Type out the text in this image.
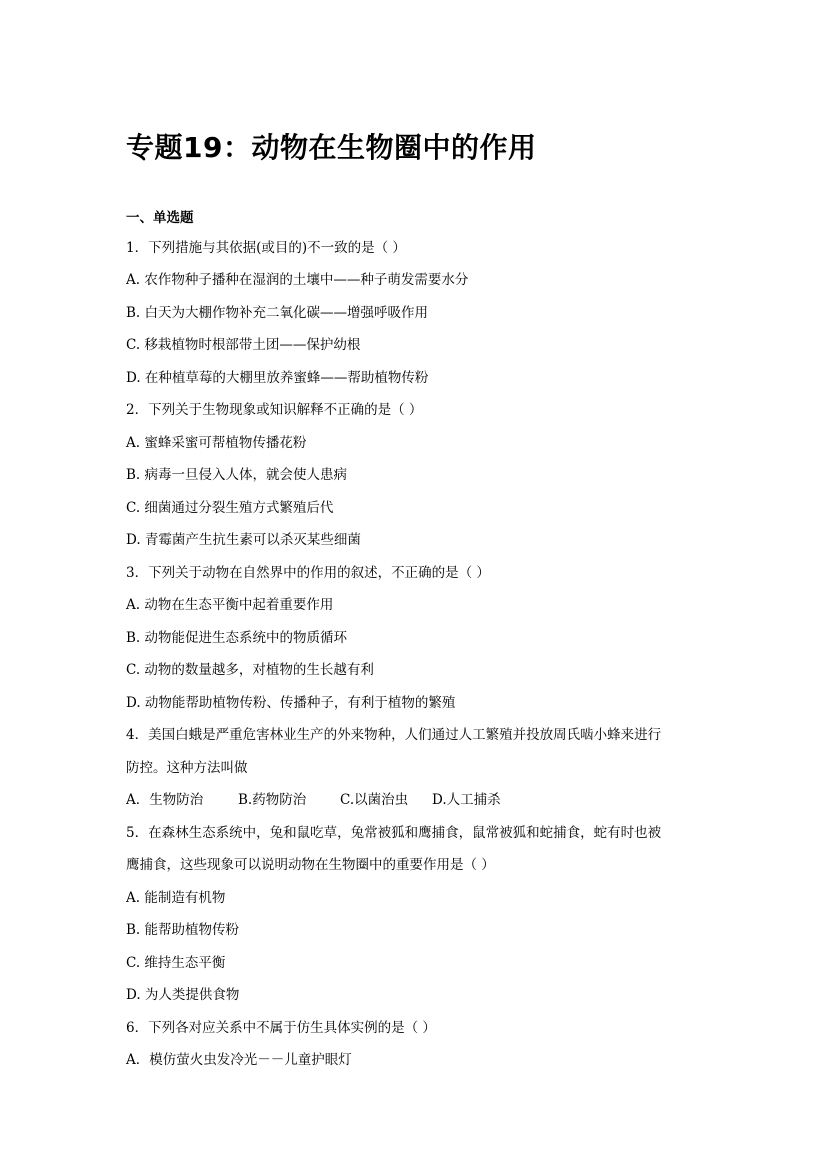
专题19：动物在生物圈中的作用
一、单选题
1．下列措施与其依据(或目的)不一致的是（ ）
A. 农作物种子播种在湿润的土壤中——种子萌发需要水分
B. 白天为大棚作物补充二氧化碳——增强呼吸作用
C. 移栽植物时根部带土团——保护幼根
D. 在种植草莓的大棚里放养蜜蜂——帮助植物传粉
2．下列关于生物现象或知识解释不正确的是（ ）
A. 蜜蜂采蜜可帮植物传播花粉
B. 病毒一旦侵入人体，就会使人患病
C. 细菌通过分裂生殖方式繁殖后代
D. 青霉菌产生抗生素可以杀灭某些细菌
3．下列关于动物在自然界中的作用的叙述，不正确的是（ ）
A. 动物在生态平衡中起着重要作用
B. 动物能促进生态系统中的物质循环
C. 动物的数量越多，对植物的生长越有利
D. 动物能帮助植物传粉、传播种子，有利于植物的繁殖
4．美国白蛾是严重危害林业生产的外来物种，人们通过人工繁殖并投放周氏啮小蜂来进行
防控。这种方法叫做
A．生物防治	B.药物防治	C.以菌治虫 D.人工捕杀
5．在森林生态系统中，兔和鼠吃草，兔常被狐和鹰捕食，鼠常被狐和蛇捕食，蛇有时也被
鹰捕食，这些现象可以说明动物在生物圈中的重要作用是（ ）
A. 能制造有机物
B. 能帮助植物传粉
C. 维持生态平衡
D. 为人类提供食物
6．下列各对应关系中不属于仿生具体实例的是（ ）
A．模仿萤火虫发冷光－－儿童护眼灯
